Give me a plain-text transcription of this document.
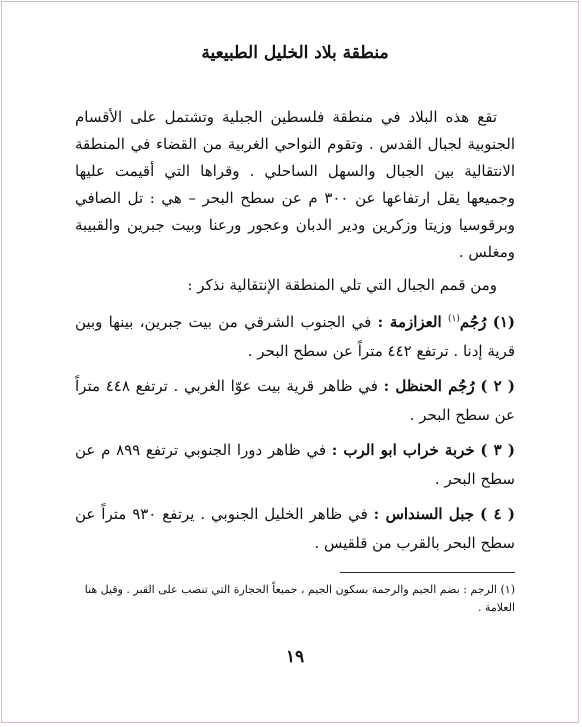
منطقة بلاد الخليل الطبيعية

تقع هذه البلاد في منطقة فلسطين الجبلية وتشتمل على الأقسام الجنوبية لجبال القدس . وتقوم النواحي الغربية من القضاء في المنطقة الانتقالية بين الجبال والسهل الساحلي . وقراها التي أقيمت عليها وجميعها يقل ارتفاعها عن ٣٠٠ م عن سطح البحر – هي : تل الصافي وبرقوسيا وزيتا وزكرين ودير الدبان وعجور ورعنا وبيت جبرين والقبيبة ومغلس .

ومن قمم الجبال التي تلي المنطقة الإنتقالية نذكر :

(١) رُجُم$^{(١)}$ العزازمة : في الجنوب الشرقي من بيت جبرين، بينها وبين قرية إدنا . ترتفع ٤٤٢ متراً عن سطح البحر .
( ٢ ) رُجُم الحنظل : في ظاهر قرية بيت عوّا الغربي . ترتفع ٤٤٨ متراً عن سطح البحر .
( ٣ ) خربة خراب ابو الرب : في ظاهر دورا الجنوبي ترتفع ٨٩٩ م عن سطح البحر .
( ٤ ) جبل السنداس : في ظاهر الخليل الجنوبي . يرتفع ٩٣٠ متراً عن سطح البحر بالقرب من قلقيس .
(١) الرجم : بضم الجيم والرجمة بسكون الجيم ، جميعاً الحجارة التي تنصب على القبر . وقيل هنا العلامة .
١٩
